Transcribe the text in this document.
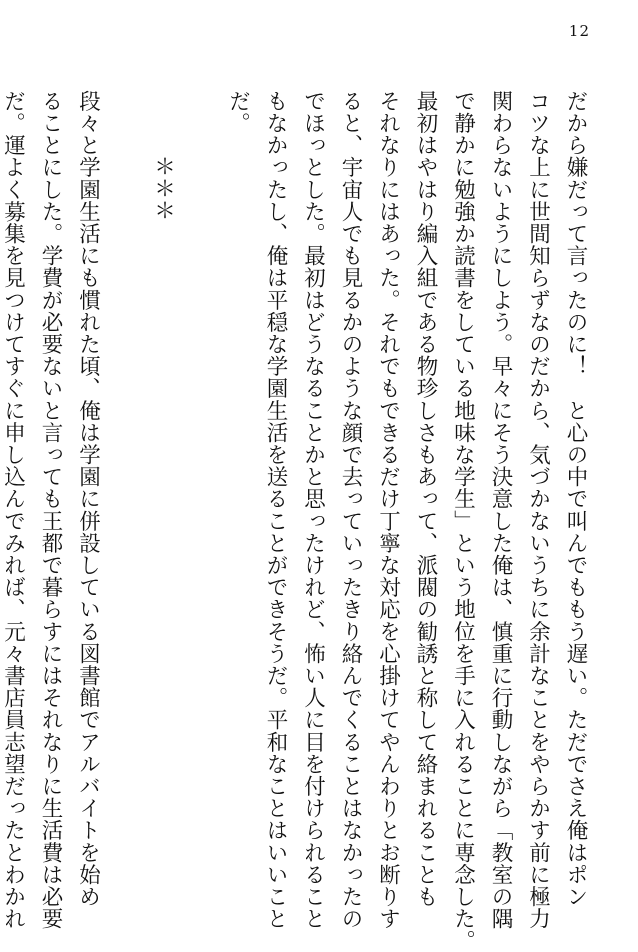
12
だから嫌だって言ったのに！　と心の中で叫んでももう遅い。ただでさえ俺はポン
コツな上に世間知らずなのだから、気づかないうちに余計なことをやらかす前に極力
関わらないようにしよう。早々にそう決意した俺は、慎重に行動しながら「教室の隅
で静かに勉強か読書をしている地味な学生」という地位を手に入れることに専念した。
最初はやはり編入組である物珍しさもあって、派閥の勧誘と称して絡まれることも
それなりにはあった。それでもできるだけ丁寧な対応を心掛けてやんわりとお断りす
ると、宇宙人でも見るかのような顔で去っていったきり絡んでくることはなかったの
でほっとした。最初はどうなることかと思ったけれど、怖い人に目を付けられること
もなかったし、俺は平穏な学園生活を送ることができそうだ。平和なことはいいこと
だ。
＊＊＊
段々と学園生活にも慣れた頃、俺は学園に併設している図書館でアルバイトを始め
ることにした。学費が必要ないと言っても王都で暮らすにはそれなりに生活費は必要
だ。運よく募集を見つけてすぐに申し込んでみれば、元々書店員志望だったとわかれ
